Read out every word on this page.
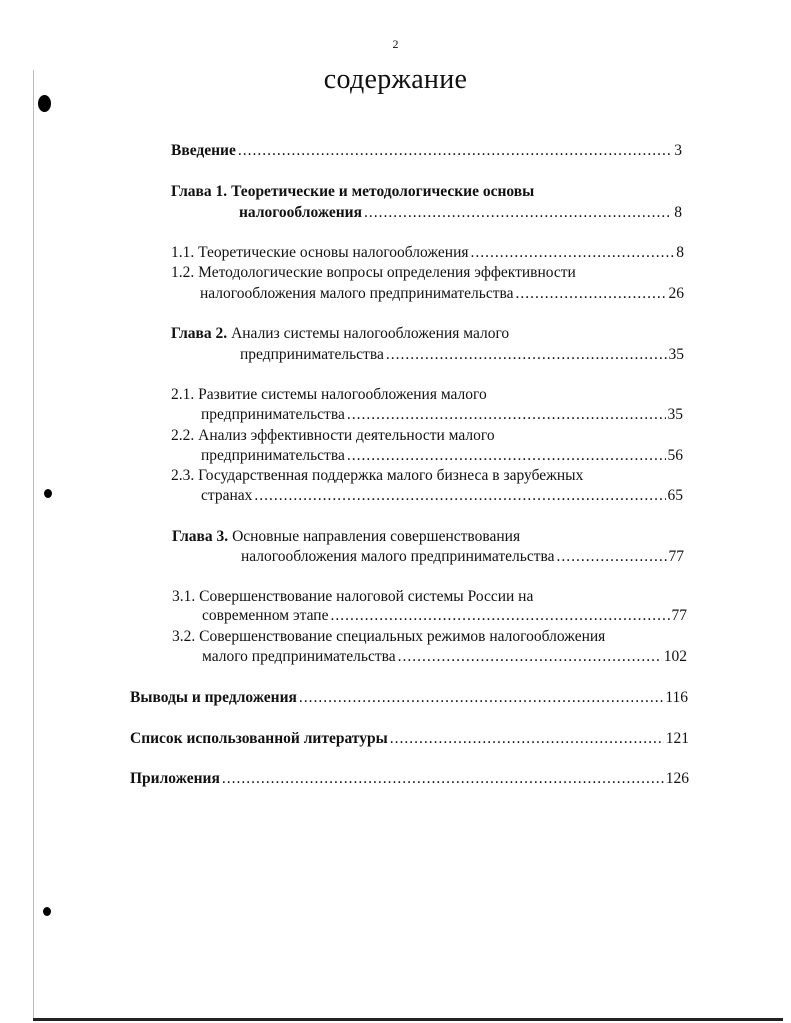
2
содержание
Введение .....	3
Глава 1. Теоретические и методологические основы
налогообложения .....	8
1.1. Теоретические основы налогообложения .....	8
1.2. Методологические вопросы определения эффективности
налогообложения малого предпринимательства .....	26
Глава 2. Анализ системы налогообложения малого
предпринимательства .....	35
2.1. Развитие системы налогообложения малого
предпринимательства .....	35
2.2. Анализ эффективности деятельности малого
предпринимательства .....	56
2.3. Государственная поддержка малого бизнеса в зарубежных
странах .....	65
Глава 3. Основные направления совершенствования
налогообложения малого предпринимательства .....	77
3.1. Совершенствование налоговой системы России на
современном этапе .....	77
3.2. Совершенствование специальных режимов налогообложения
малого предпринимательства .....	102
Выводы и предложения .....	116
Список использованной литературы .....	121
Приложения .....	126
